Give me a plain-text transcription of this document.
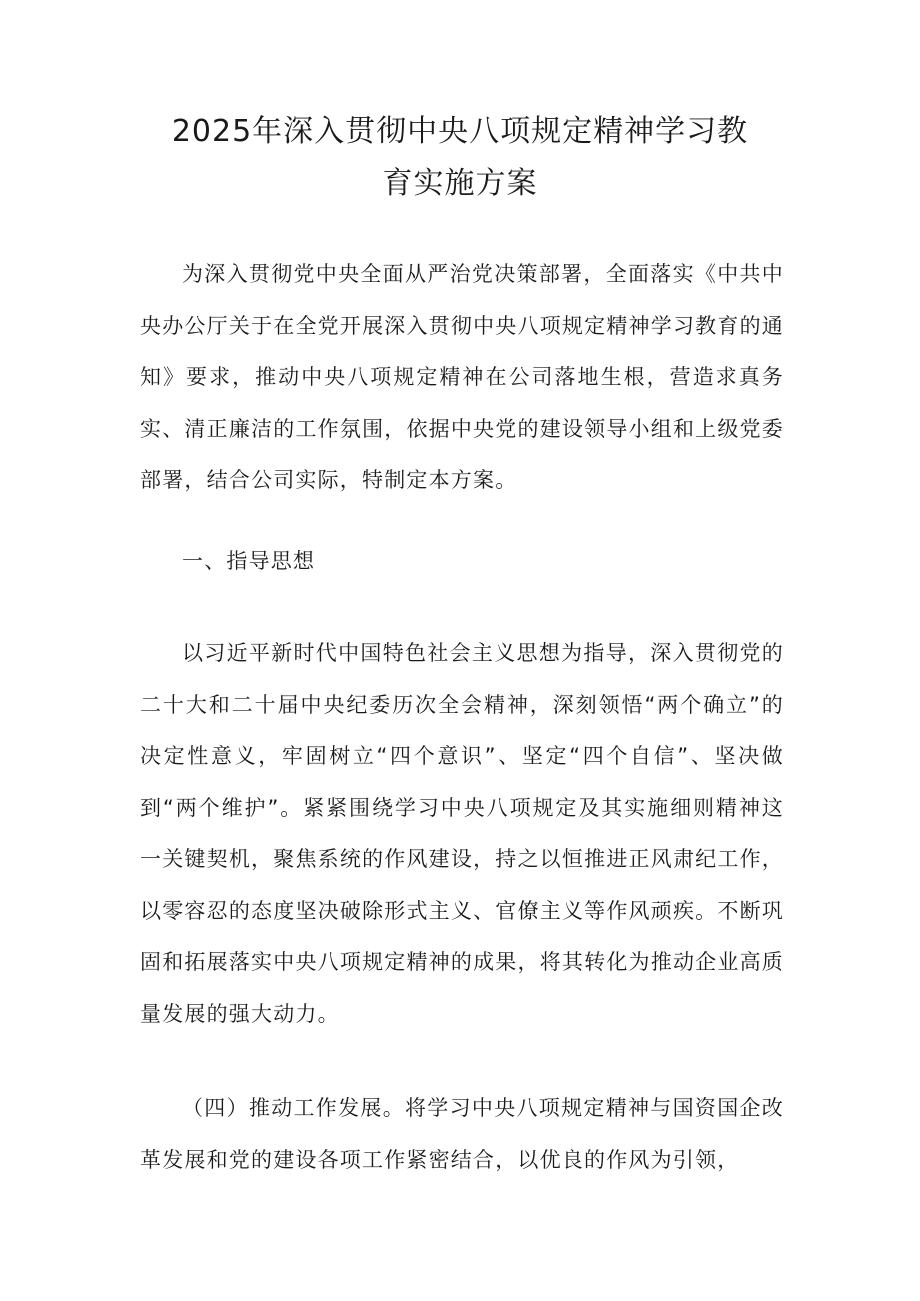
2025年深入贯彻中央八项规定精神学习教
育实施方案

为深入贯彻党中央全面从严治党决策部署，全面落实《中共中央办公厅关于在全党开展深入贯彻中央八项规定精神学习教育的通知》要求，推动中央八项规定精神在公司落地生根，营造求真务实、清正廉洁的工作氛围，依据中央党的建设领导小组和上级党委部署，结合公司实际，特制定本方案。

一、指导思想

以习近平新时代中国特色社会主义思想为指导，深入贯彻党的二十大和二十届中央纪委历次全会精神，深刻领悟“两个确立”的决定性意义，牢固树立“四个意识”、坚定“四个自信”、坚决做到“两个维护”。紧紧围绕学习中央八项规定及其实施细则精神这一关键契机，聚焦系统的作风建设，持之以恒推进正风肃纪工作，以零容忍的态度坚决破除形式主义、官僚主义等作风顽疾。不断巩固和拓展落实中央八项规定精神的成果，将其转化为推动企业高质量发展的强大动力。

（四）推动工作发展。将学习中央八项规定精神与国资国企改革发展和党的建设各项工作紧密结合，以优良的作风为引领，
